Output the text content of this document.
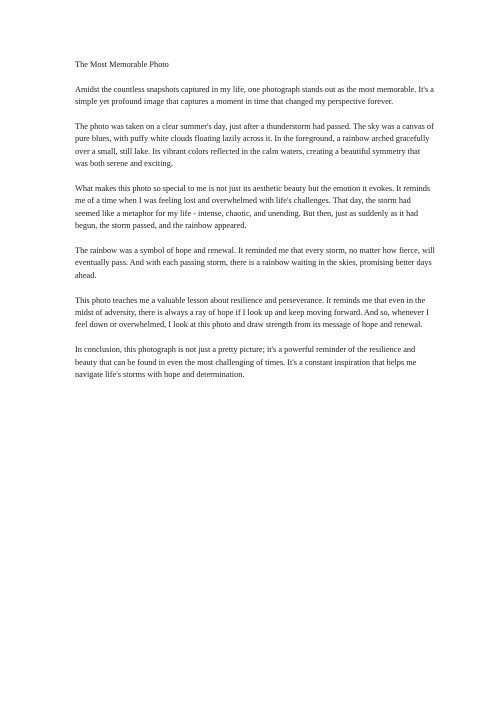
The Most Memorable Photo

Amidst the countless snapshots captured in my life, one photograph stands out as the most memorable. It's a simple yet profound image that captures a moment in time that changed my perspective forever.

The photo was taken on a clear summer's day, just after a thunderstorm had passed. The sky was a canvas of pure blues, with puffy white clouds floating lazily across it. In the foreground, a rainbow arched gracefully over a small, still lake. Its vibrant colors reflected in the calm waters, creating a beautiful symmetry that was both serene and exciting.

What makes this photo so special to me is not just its aesthetic beauty but the emotion it evokes. It reminds me of a time when I was feeling lost and overwhelmed with life's challenges. That day, the storm had seemed like a metaphor for my life - intense, chaotic, and unending. But then, just as suddenly as it had begun, the storm passed, and the rainbow appeared.

The rainbow was a symbol of hope and renewal. It reminded me that every storm, no matter how fierce, will eventually pass. And with each passing storm, there is a rainbow waiting in the skies, promising better days ahead.

This photo teaches me a valuable lesson about resilience and perseverance. It reminds me that even in the midst of adversity, there is always a ray of hope if I look up and keep moving forward. And so, whenever I feel down or overwhelmed, I look at this photo and draw strength from its message of hope and renewal.

In conclusion, this photograph is not just a pretty picture; it's a powerful reminder of the resilience and beauty that can be found in even the most challenging of times. It's a constant inspiration that helps me navigate life's storms with hope and determination.
